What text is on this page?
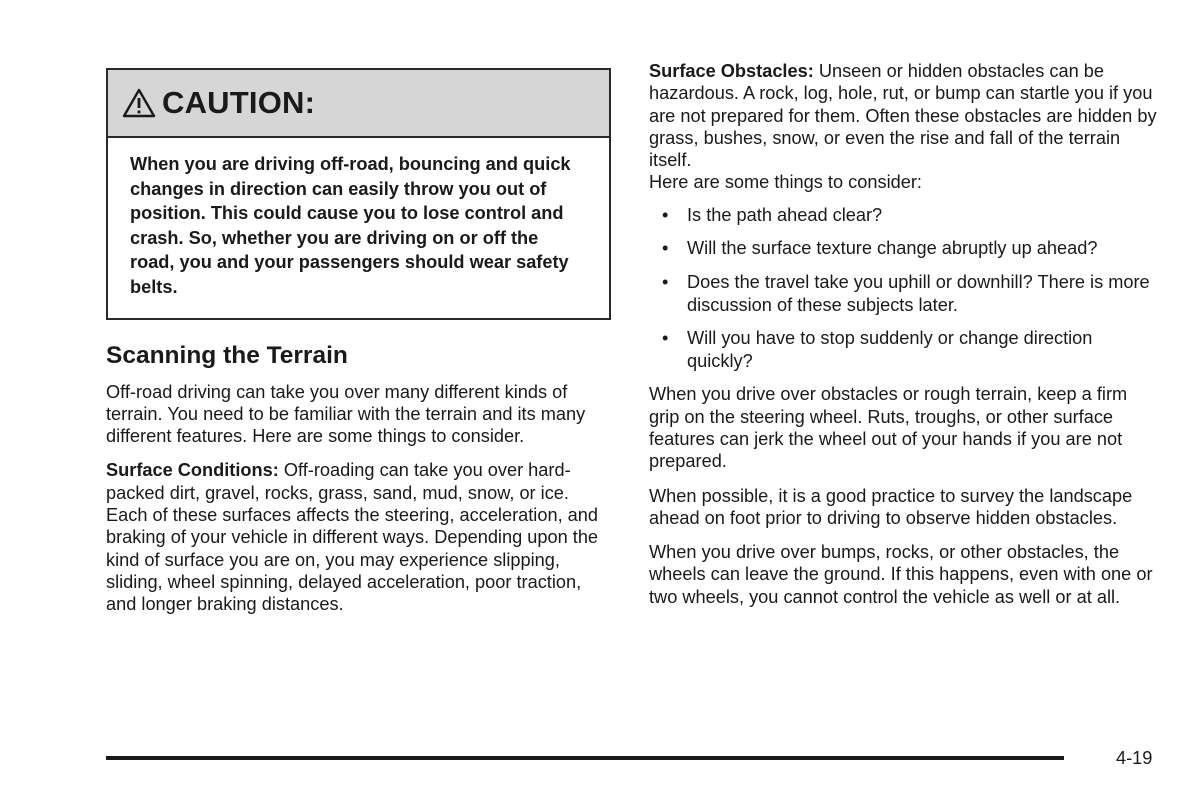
CAUTION:
When you are driving off-road, bouncing and quick changes in direction can easily throw you out of position. This could cause you to lose control and crash. So, whether you are driving on or off the road, you and your passengers should wear safety belts.
Scanning the Terrain

Off-road driving can take you over many different kinds of terrain. You need to be familiar with the terrain and its many different features. Here are some things to consider.

Surface Conditions: Off-roading can take you over hard-packed dirt, gravel, rocks, grass, sand, mud, snow, or ice. Each of these surfaces affects the steering, acceleration, and braking of your vehicle in different ways. Depending upon the kind of surface you are on, you may experience slipping, sliding, wheel spinning, delayed acceleration, poor traction, and longer braking distances.

Surface Obstacles: Unseen or hidden obstacles can be hazardous. A rock, log, hole, rut, or bump can startle you if you are not prepared for them. Often these obstacles are hidden by grass, bushes, snow, or even the rise and fall of the terrain itself.

Here are some things to consider:

• Is the path ahead clear?
• Will the surface texture change abruptly up ahead?
• Does the travel take you uphill or downhill? There is more discussion of these subjects later.
• Will you have to stop suddenly or change direction quickly?

When you drive over obstacles or rough terrain, keep a firm grip on the steering wheel. Ruts, troughs, or other surface features can jerk the wheel out of your hands if you are not prepared.

When possible, it is a good practice to survey the landscape ahead on foot prior to driving to observe hidden obstacles.

When you drive over bumps, rocks, or other obstacles, the wheels can leave the ground. If this happens, even with one or two wheels, you cannot control the vehicle as well or at all.

4-19
